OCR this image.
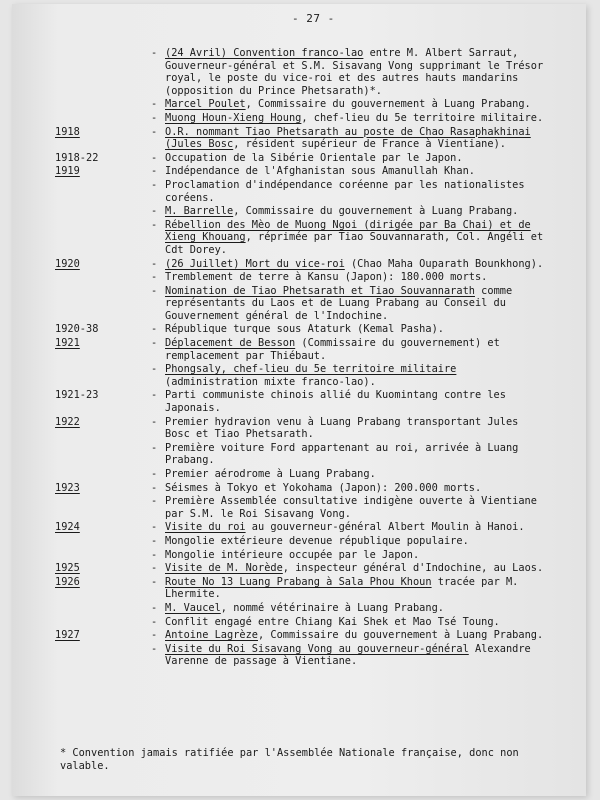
- 27 -
- (24 Avril) Convention franco-lao entre M. Albert Sarraut, Gouverneur-général et S.M. Sisavang Vong supprimant le Trésor royal, le poste du vice-roi et des autres hauts mandarins (opposition du Prince Phetsarath)*.
- Marcel Poulet, Commissaire du gouvernement à Luang Prabang.
- Muong Houn-Xieng Houng, chef-lieu du 5e territoire militaire.
1918	- O.R. nommant Tiao Phetsarath au poste de Chao Rasaphakhinai (Jules Bosc, résident supérieur de France à Vientiane).
1918-22	- Occupation de la Sibérie Orientale par le Japon.
1919	- Indépendance de l'Afghanistan sous Amanullah Khan.
- Proclamation d'indépendance coréenne par les nationalistes coréens.
- M. Barrelle, Commissaire du gouvernement à Luang Prabang.
- Rébellion des Mèo de Muong Ngoi (dirigée par Ba Chai) et de Xieng Khouang, réprimée par Tiao Souvannarath, Col. Angéli et Cdt Dorey.
1920	- (26 Juillet) Mort du vice-roi (Chao Maha Ouparath Bounkhong).
- Tremblement de terre à Kansu (Japon): 180.000 morts.
- Nomination de Tiao Phetsarath et Tiao Souvannarath comme représentants du Laos et de Luang Prabang au Conseil du Gouvernement général de l'Indochine.
1920-38	- République turque sous Ataturk (Kemal Pasha).
1921	- Déplacement de Besson (Commissaire du gouvernement) et remplacement par Thiébaut.
- Phongsaly, chef-lieu du 5e territoire militaire (administration mixte franco-lao).
1921-23	- Parti communiste chinois allié du Kuomintang contre les Japonais.
1922	- Premier hydravion venu à Luang Prabang transportant Jules Bosc et Tiao Phetsarath.
- Première voiture Ford appartenant au roi, arrivée à Luang Prabang.
- Premier aérodrome à Luang Prabang.
1923	- Séismes à Tokyo et Yokohama (Japon): 200.000 morts.
- Première Assemblée consultative indigène ouverte à Vientiane par S.M. le Roi Sisavang Vong.
1924	- Visite du roi au gouverneur-général Albert Moulin à Hanoi.
- Mongolie extérieure devenue république populaire.
- Mongolie intérieure occupée par le Japon.
1925	- Visite de M. Norède, inspecteur général d'Indochine, au Laos.
1926	- Route No 13 Luang Prabang à Sala Phou Khoun tracée par M. Lhermite.
- M. Vaucel, nommé vétérinaire à Luang Prabang.
- Conflit engagé entre Chiang Kai Shek et Mao Tsé Toung.
1927	- Antoine Lagrèze, Commissaire du gouvernement à Luang Prabang.
- Visite du Roi Sisavang Vong au gouverneur-général Alexandre Varenne de passage à Vientiane.
* Convention jamais ratifiée par l'Assemblée Nationale française, donc non valable.
